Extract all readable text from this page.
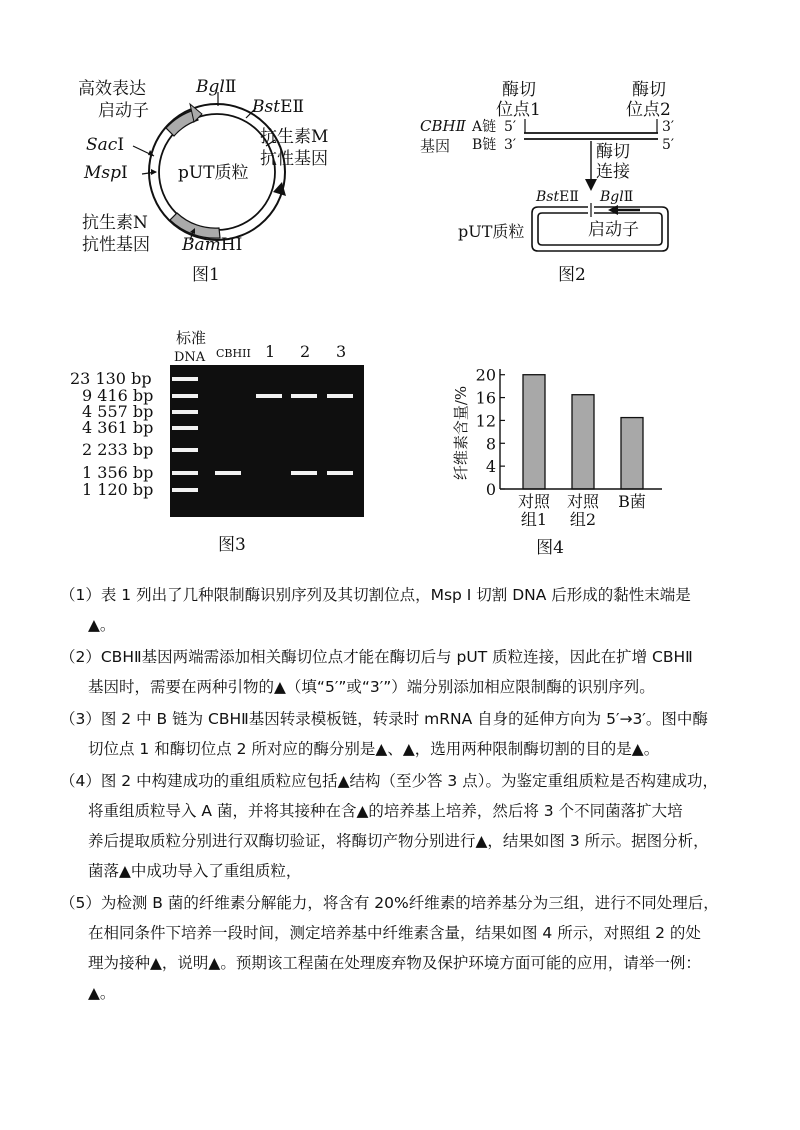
高效表达
启动子
BglⅡ
BstEⅡ
抗生素M
抗性基因
SacⅠ
MspⅠ	pUT质粒
抗生素N
抗性基因 BamHⅠ
图1
酶切
位点1
酶切
位点2
CBHⅡ
基因
A链
B链
5′
3′
3′
5′
酶切
连接
BstEⅡ BglⅡ
pUT质粒	启动子
图2
标准
DNA CBHII 1 2 3
23 130 bp
9 416 bp
4 557 bp
4 361 bp
2 233 bp
1 356 bp
1 120 bp
图3
纤维素含量/%
0
4
8
12
16
20
对照
组1
对照
组2
B菌
图4
（1）表 1 列出了几种限制酶识别序列及其切割位点，Msp Ⅰ 切割 DNA 后形成的黏性末端是
▲。
（2）CBHⅡ基因两端需添加相关酶切位点才能在酶切后与 pUT 质粒连接，因此在扩增 CBHⅡ
基因时，需要在两种引物的▲（填“5′”或“3′”）端分别添加相应限制酶的识别序列。
（3）图 2 中 B 链为 CBHⅡ基因转录模板链，转录时 mRNA 自身的延伸方向为 5′→3′。图中酶
切位点 1 和酶切位点 2 所对应的酶分别是▲、▲，选用两种限制酶切割的目的是▲。
（4）图 2 中构建成功的重组质粒应包括▲结构（至少答 3 点）。为鉴定重组质粒是否构建成功，
将重组质粒导入 A 菌，并将其接种在含▲的培养基上培养，然后将 3 个不同菌落扩大培
养后提取质粒分别进行双酶切验证，将酶切产物分别进行▲，结果如图 3 所示。据图分析，
菌落▲中成功导入了重组质粒，
（5）为检测 B 菌的纤维素分解能力，将含有 20%纤维素的培养基分为三组，进行不同处理后，
在相同条件下培养一段时间，测定培养基中纤维素含量，结果如图 4 所示，对照组 2 的处
理为接种▲，说明▲。预期该工程菌在处理废弃物及保护环境方面可能的应用，请举一例：
▲。
